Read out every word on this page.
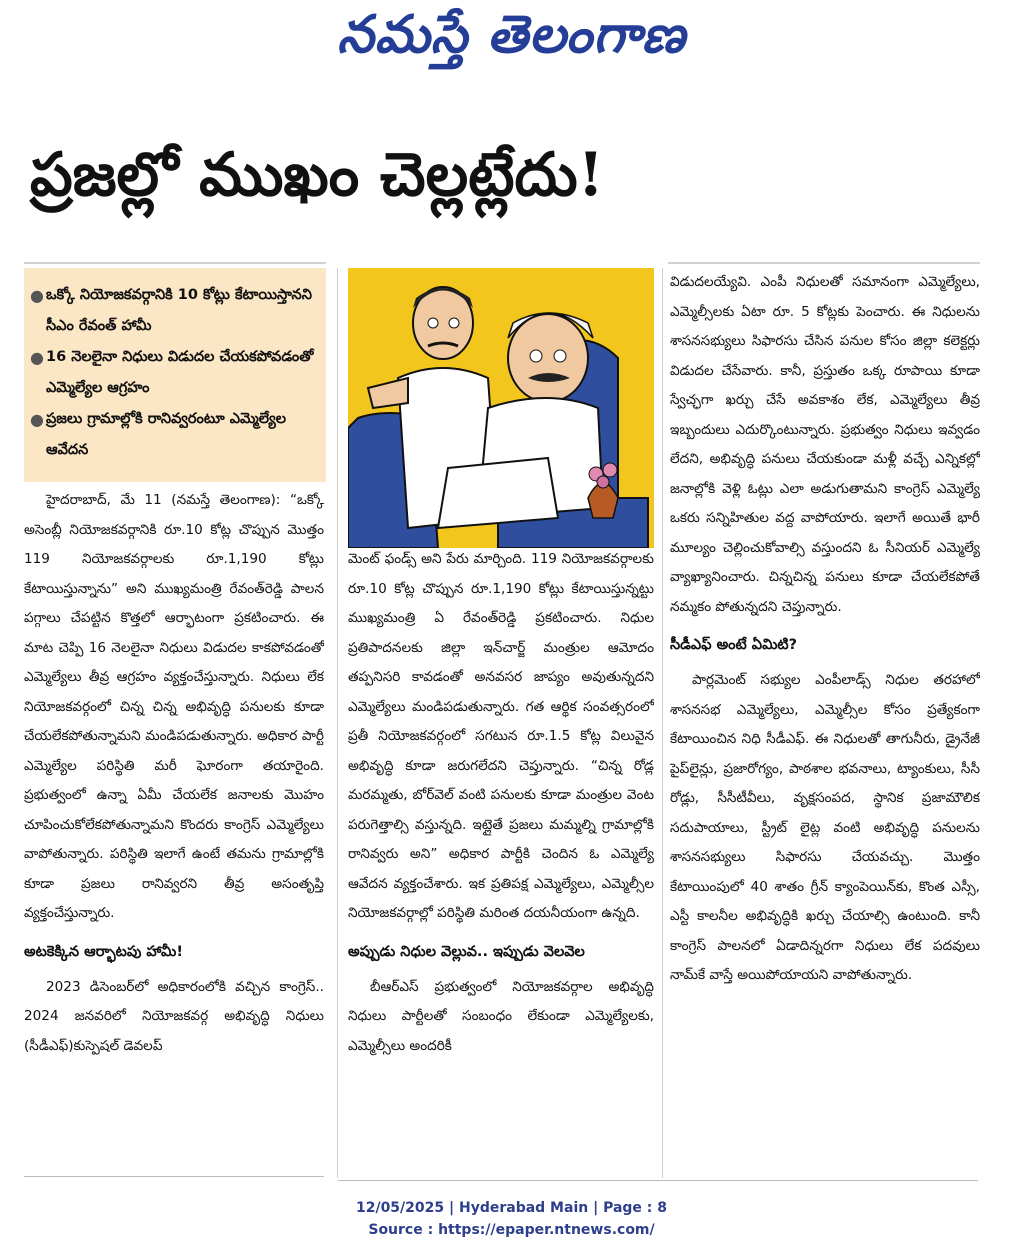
నమస్తే తెలంగాణ
ప్రజల్లో ముఖం చెల్లట్లేదు!
● ఒక్కో నియోజకవర్గానికి 10 కోట్లు కేటాయిస్తానని సీఎం రేవంత్ హామీ
● 16 నెలలైనా నిధులు విడుదల చేయకపోవడంతో ఎమ్మెల్యేల ఆగ్రహం
● ప్రజలు గ్రామాల్లోకి రానివ్వరంటూ ఎమ్మెల్యేల ఆవేదన

హైదరాబాద్, మే 11 (నమస్తే తెలంగాణ): “ఒక్కో అసెంబ్లీ నియోజకవర్గానికి రూ.10 కోట్ల చొప్పున మొత్తం 119 నియోజకవర్గాలకు రూ.1,190 కోట్లు కేటాయిస్తున్నాను” అని ముఖ్యమంత్రి రేవంత్‌రెడ్డి పాలన పగ్గాలు చేపట్టిన కొత్తలో ఆర్భాటంగా ప్రకటించారు. ఈ మాట చెప్పి 16 నెలలైనా నిధులు విడుదల కాకపోవడంతో ఎమ్మెల్యేలు తీవ్ర ఆగ్రహం వ్యక్తంచేస్తున్నారు. నిధులు లేక నియోజకవర్గంలో చిన్న చిన్న అభివృద్ధి పనులకు కూడా చేయలేకపోతున్నామని మండిపడుతున్నారు. అధికార పార్టీ ఎమ్మెల్యేల పరిస్థితి మరీ ఘోరంగా తయారైంది. ప్రభుత్వంలో ఉన్నా ఏమీ చేయలేక జనాలకు మొహం చూపించుకోలేకపోతున్నామని కొందరు కాంగ్రెస్ ఎమ్మెల్యేలు వాపోతున్నారు. పరిస్థితి ఇలాగే ఉంటే తమను గ్రామాల్లోకి కూడా ప్రజలు రానివ్వరని తీవ్ర అసంతృప్తి వ్యక్తంచేస్తున్నారు.

అటకెక్కిన ఆర్భాటపు హామీ!

2023 డిసెంబర్‌లో అధికారంలోకి వచ్చిన కాంగ్రెస్.. 2024 జనవరిలో నియోజకవర్గ అభివృద్ధి నిధులు (సీడీఎఫ్)కుస్పెషల్ డెవలప్

మెంట్ ఫండ్స్ అని పేరు మార్చింది. 119 నియోజకవర్గాలకు రూ.10 కోట్ల చొప్పున రూ.1,190 కోట్లు కేటాయిస్తున్నట్టు ముఖ్యమంత్రి ఏ రేవంత్‌రెడ్డి ప్రకటించారు. నిధుల ప్రతిపాదనలకు జిల్లా ఇన్‌చార్జ్ మంత్రుల ఆమోదం తప్పనిసరి కావడంతో అనవసర జాప్యం అవుతున్నదని ఎమ్మెల్యేలు మండిపడుతున్నారు. గత ఆర్థిక సంవత్సరంలో ప్రతీ నియోజకవర్గంలో సగటున రూ.1.5 కోట్ల విలువైన అభివృద్ధి కూడా జరుగలేదని చెప్తున్నారు. “చిన్న రోడ్ల మరమ్మతు, బోర్‌వెల్ వంటి పనులకు కూడా మంత్రుల వెంట పరుగెత్తాల్సి వస్తున్నది. ఇట్లైతే ప్రజలు మమ్మల్ని గ్రామాల్లోకి రానివ్వరు అని” అధికార పార్టీకి చెందిన ఓ ఎమ్మెల్యే ఆవేదన వ్యక్తంచేశారు. ఇక ప్రతిపక్ష ఎమ్మెల్యేలు, ఎమ్మెల్సీల నియోజకవర్గాల్లో పరిస్థితి మరింత దయనీయంగా ఉన్నది.

అప్పుడు నిధుల వెల్లువ.. ఇప్పుడు వెలవెల

బీఆర్‌ఎస్ ప్రభుత్వంలో నియోజకవర్గాల అభివృద్ధి నిధులు పార్టీలతో సంబంధం లేకుండా ఎమ్మెల్యేలకు, ఎమ్మెల్సీలు అందరికీ

విడుదలయ్యేవి. ఎంపీ నిధులతో సమానంగా ఎమ్మెల్యేలు, ఎమ్మెల్సీలకు ఏటా రూ. 5 కోట్లకు పెంచారు. ఈ నిధులను శాసనసభ్యులు సిఫారసు చేసిన పనుల కోసం జిల్లా కలెక్టర్లు విడుదల చేసేవారు. కానీ, ప్రస్తుతం ఒక్క రూపాయి కూడా స్వేచ్ఛగా ఖర్చు చేసే అవకాశం లేక, ఎమ్మెల్యేలు తీవ్ర ఇబ్బందులు ఎదుర్కొంటున్నారు. ప్రభుత్వం నిధులు ఇవ్వడం లేదని, అభివృద్ధి పనులు చేయకుండా మళ్లీ వచ్చే ఎన్నికల్లో జనాల్లోకి వెళ్లి ఓట్లు ఎలా అడుగుతామని కాంగ్రెస్ ఎమ్మెల్యే ఒకరు సన్నిహితుల వద్ద వాపోయారు. ఇలాగే అయితే భారీ మూల్యం చెల్లించుకోవాల్సి వస్తుందని ఓ సీనియర్ ఎమ్మెల్యే వ్యాఖ్యానించారు. చిన్నచిన్న పనులు కూడా చేయలేకపోతే నమ్మకం పోతున్నదని చెప్తున్నారు.

సీడీఎఫ్ అంటే ఏమిటి?

పార్లమెంట్ సభ్యుల ఎంపీలాడ్స్ నిధుల తరహాలో శాసనసభ ఎమ్మెల్యేలు, ఎమ్మెల్సీల కోసం ప్రత్యేకంగా కేటాయించిన నిధి సీడీఎఫ్. ఈ నిధులతో తాగునీరు, డ్రైనేజీ పైప్‌లైన్లు, ప్రజారోగ్యం, పాఠశాల భవనాలు, ట్యాంకులు, సీసీ రోడ్లు, సీసీటీవీలు, వృక్షసంపద, స్థానిక ప్రజామౌలిక సదుపాయాలు, స్ట్రీట్ లైట్ల వంటి అభివృద్ధి పనులను శాసనసభ్యులు సిఫారసు చేయవచ్చు. మొత్తం కేటాయింపులో 40 శాతం గ్రీన్ క్యాంపెయిన్‌కు, కొంత ఎస్సీ, ఎస్టీ కాలనీల అభివృద్ధికి ఖర్చు చేయాల్సి ఉంటుంది. కానీ కాంగ్రెస్ పాలనలో ఏడాదిన్నరగా నిధులు లేక పదవులు నామ్‌కే వాస్తే అయిపోయాయని వాపోతున్నారు.

12/05/2025 | Hyderabad Main | Page : 8
Source : https://epaper.ntnews.com/
